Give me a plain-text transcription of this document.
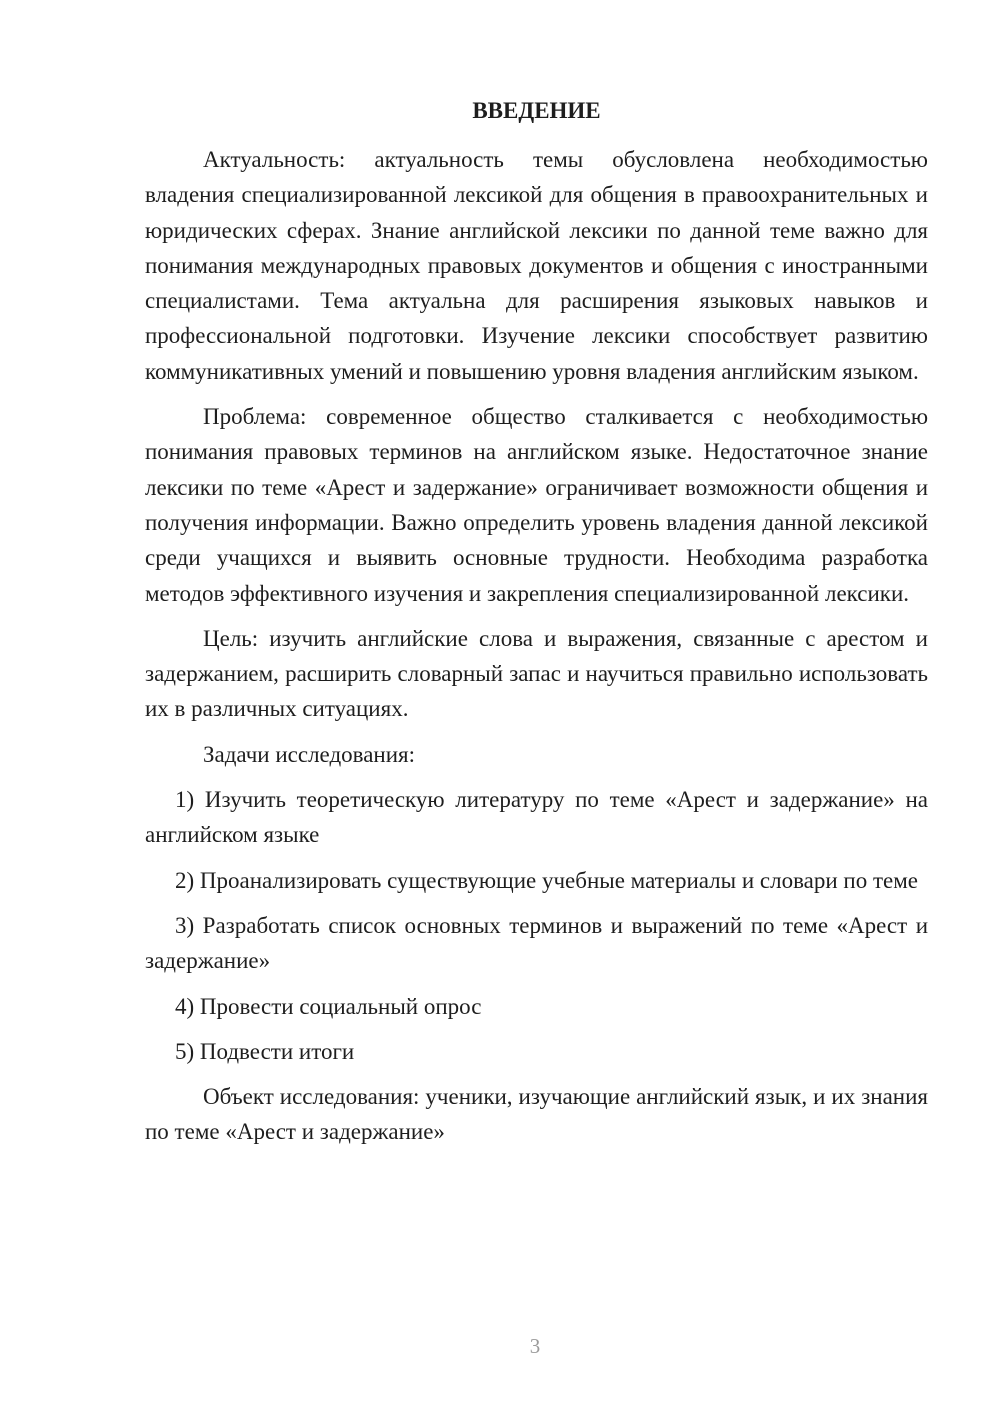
ВВЕДЕНИЕ

Актуальность: актуальность темы обусловлена необходимостью владения специализированной лексикой для общения в правоохранительных и юридических сферах. Знание английской лексики по данной теме важно для понимания международных правовых документов и общения с иностранными специалистами. Тема актуальна для расширения языковых навыков и профессиональной подготовки. Изучение лексики способствует развитию коммуникативных умений и повышению уровня владения английским языком.

Проблема: современное общество сталкивается с необходимостью понимания правовых терминов на английском языке. Недостаточное знание лексики по теме «Арест и задержание» ограничивает возможности общения и получения информации. Важно определить уровень владения данной лексикой среди учащихся и выявить основные трудности. Необходима разработка методов эффективного изучения и закрепления специализированной лексики.

Цель: изучить английские слова и выражения, связанные с арестом и задержанием, расширить словарный запас и научиться правильно использовать их в различных ситуациях.

Задачи исследования:

1) Изучить теоретическую литературу по теме «Арест и задержание» на английском языке

2) Проанализировать существующие учебные материалы и словари по теме

3) Разработать список основных терминов и выражений по теме «Арест и задержание»

4) Провести социальный опрос

5) Подвести итоги

Объект исследования: ученики, изучающие английский язык, и их знания по теме «Арест и задержание»

3
